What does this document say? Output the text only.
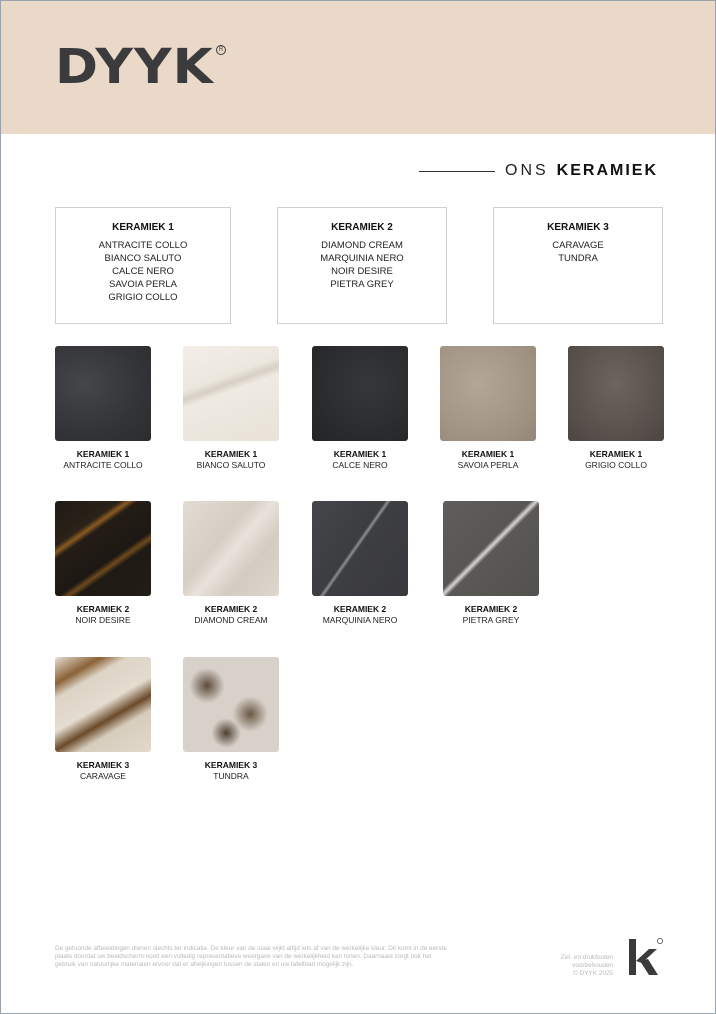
DYYK R
ONS KERAMIEK
KERAMIEK 1
ANTRACITE COLLO
BIANCO SALUTO
CALCE NERO
SAVOIA PERLA
GRIGIO COLLO
KERAMIEK 2
DIAMOND CREAM
MARQUINIA NERO
NOIR DESIRE
PIETRA GREY
KERAMIEK 3
CARAVAGE
TUNDRA
KERAMIEK 1
ANTRACITE COLLO
KERAMIEK 1
BIANCO SALUTO
KERAMIEK 1
CALCE NERO
KERAMIEK 1
SAVOIA PERLA
KERAMIEK 1
GRIGIO COLLO
KERAMIEK 2
NOIR DESIRE
KERAMIEK 2
DIAMOND CREAM
KERAMIEK 2
MARQUINIA NERO
KERAMIEK 2
PIETRA GREY
KERAMIEK 3
CARAVAGE
KERAMIEK 3
TUNDRA
De getoonde afbeeldingen dienen slechts ter indicatie. De kleur van de staal wijkt altijd iets af van de werkelijke kleur. Dit komt in de eerste plaats doordat uw beeldscherm nooit een volledig representatieve weergave van de werkelijkheid kan tonen. Daarnaast zorgt ook het gebruik van natuurlijke materialen ervoor dat er afwijkingen tussen de stalen en uw tafelblad mogelijk zijn.
Zet- en drukfouten
voorbehouden
© DYYK 2025
